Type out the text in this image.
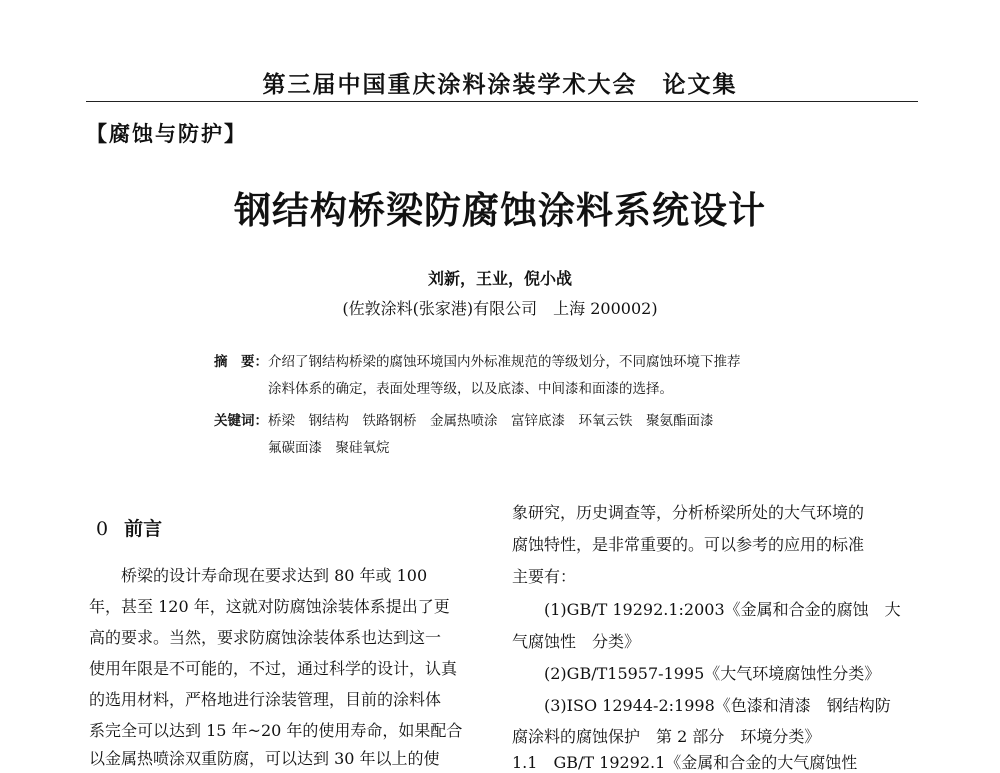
第三届中国重庆涂料涂装学术大会　论文集
【腐蚀与防护】
钢结构桥梁防腐蚀涂料系统设计
刘新，王业，倪小战
(佐敦涂料(张家港)有限公司　上海 200002)
摘　要： 介绍了钢结构桥梁的腐蚀环境国内外标准规范的等级划分，不同腐蚀环境下推荐
涂料体系的确定，表面处理等级，以及底漆、中间漆和面漆的选择。
关键词： 桥梁　钢结构　铁路钢桥　金属热喷涂　富锌底漆　环氧云铁　聚氨酯面漆
氟碳面漆　聚硅氧烷
0 前言
　　桥梁的设计寿命现在要求达到 80 年或 100
年，甚至 120 年，这就对防腐蚀涂装体系提出了更
高的要求。当然，要求防腐蚀涂装体系也达到这一
使用年限是不可能的，不过，通过科学的设计，认真
的选用材料，严格地进行涂装管理，目前的涂料体
系完全可以达到 15 年~20 年的使用寿命，如果配合
以金属热喷涂双重防腐，可以达到 30 年以上的使
象研究，历史调查等，分析桥梁所处的大气环境的
腐蚀特性，是非常重要的。可以参考的应用的标准
主要有：
　　(1)GB/T 19292.1:2003《金属和合金的腐蚀　大
气腐蚀性　分类》
　　(2)GB/T15957-1995《大气环境腐蚀性分类》
　　(3)ISO 12944-2:1998《色漆和清漆　钢结构防
腐涂料的腐蚀保护　第 2 部分　环境分类》
1.1　GB/T 19292.1《金属和合金的大气腐蚀性
